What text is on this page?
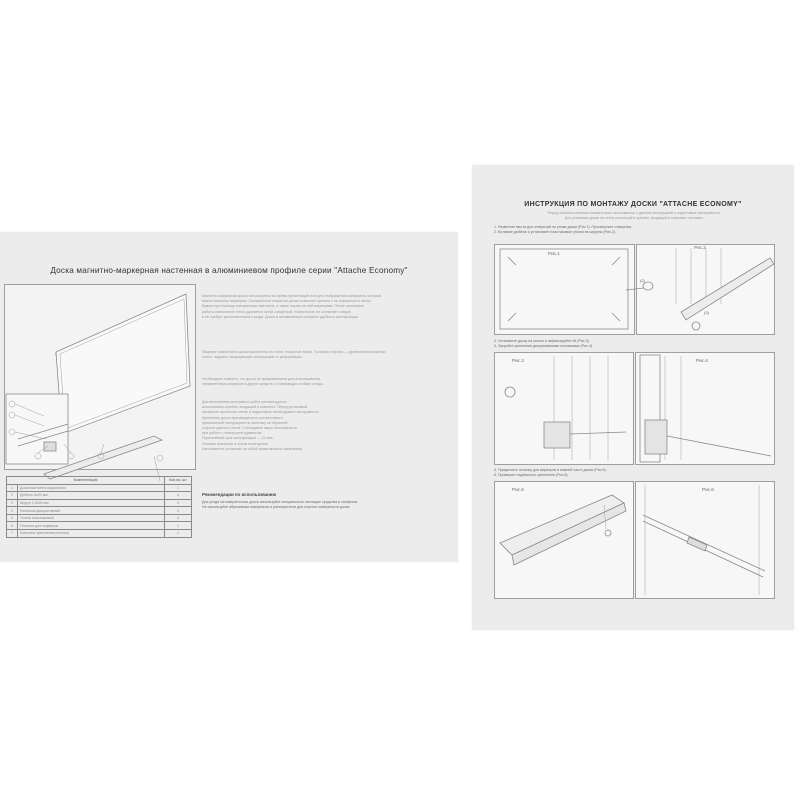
Доска магнитно-маркерная настенная в алюминиевом профиле серии "Attache Economy"
Магнитно-маркерная доска используется во время презентаций или для отображения материала, который
можно написать маркером. Специальное покрытие доски позволяет крепить к ее поверхности листы
бумаги при помощи специальных магнитов, а также писать на ней маркерами. После окончания
работы написанное легко удаляется сухой салфеткой, поверхность не оставляет следов
и не требует дополнительного ухода. Доска в алюминиевом профиле удобна в эксплуатации.
Лицевая поверхность доски выполнена из стали, покрытой лаком. Тыльная сторона — древесноволокнистая
плита, надежно защищающая конструкцию от деформации.
Необходимо помнить, что доска не предназначена для использования
перманентных маркеров и других средств, оставляющих стойкие следы.
Для выполнения монтажных работ рекомендуется
использовать крепёж, входящий в комплект. Перед установкой
проверьте прочность стены и подготовьте необходимые инструменты.
Крепление доски производится в соответствии с
прилагаемой инструкцией по монтажу на обратной
стороне данного листа. Соблюдайте меры безопасности
при работе с электроинструментом.
Гарантийный срок эксплуатации — 12 мес.
Условия хранения: в сухом помещении.
Изготовитель оставляет за собой право вносить изменения.
Рекомендации по использованию
Для ухода за поверхностью доски используйте специальные чистящие средства и салфетки.
Не используйте абразивные материалы и растворители для очистки поверхности доски.
Комплектация		Кол-во, шт
1	Доска магнитно-маркерная	1
2	Дюбель 6х30 мм	4
3	Шуруп 3,5х35 мм	4
4	Колпачок декоративный	4
5	Уголок пластиковый	4
6	Полочка для маркеров	1
7	Комплект крепления полочки	1
ИНСТРУКЦИЯ ПО МОНТАЖУ ДОСКИ "ATTACHE ECONOMY"
Перед началом монтажа внимательно ознакомьтесь с данной инструкцией и подготовьте инструменты.
Для установки доски на стену используйте крепёж, входящий в комплект поставки.
1. Разметьте места для отверстий по углам доски (Рис.1). Просверлите отверстия.
2. Вставьте дюбели и установите пластиковые уголки на шурупы (Рис.2).
Рис.1
Рис.2
(2)
(3)
3. Установите доску на уголки и зафиксируйте её (Рис.3).
4. Закройте крепления декоративными колпачками (Рис.4).
Рис.3	Рис.4
5. Прикрепите полочку для маркеров в нижней части доски (Рис.5).
6. Проверьте надёжность крепления (Рис.6).
Рис.5	Рис.6
